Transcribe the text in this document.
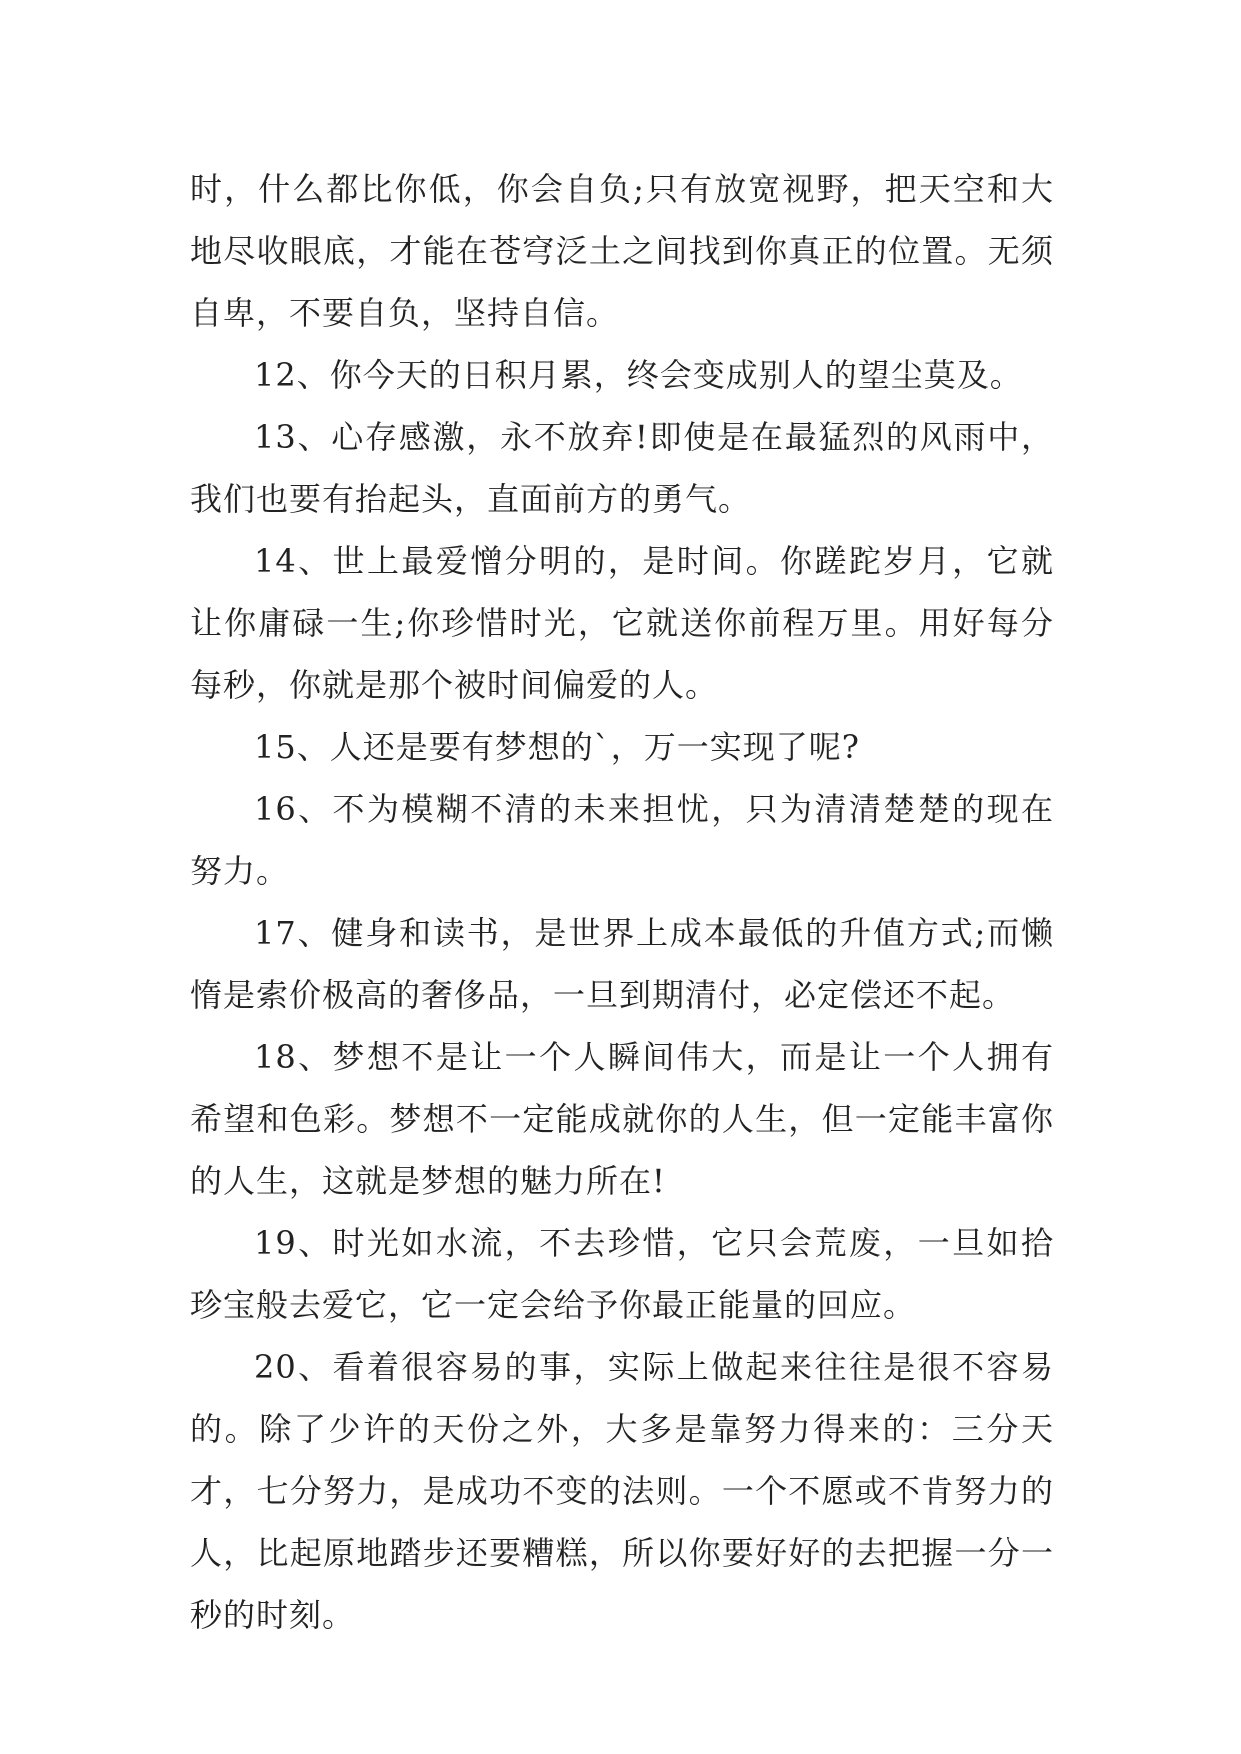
时，什么都比你低，你会自负;只有放宽视野，把天空和大地尽收眼底，才能在苍穹泛土之间找到你真正的位置。无须自卑，不要自负，坚持自信。

12、你今天的日积月累，终会变成别人的望尘莫及。

13、心存感激，永不放弃!即使是在最猛烈的风雨中，我们也要有抬起头，直面前方的勇气。

14、世上最爱憎分明的，是时间。你蹉跎岁月，它就让你庸碌一生;你珍惜时光，它就送你前程万里。用好每分每秒，你就是那个被时间偏爱的人。

15、人还是要有梦想的`，万一实现了呢?

16、不为模糊不清的未来担忧，只为清清楚楚的现在努力。

17、健身和读书，是世界上成本最低的升值方式;而懒惰是索价极高的奢侈品，一旦到期清付，必定偿还不起。

18、梦想不是让一个人瞬间伟大，而是让一个人拥有希望和色彩。梦想不一定能成就你的人生，但一定能丰富你的人生，这就是梦想的魅力所在!

19、时光如水流，不去珍惜，它只会荒废，一旦如拾珍宝般去爱它，它一定会给予你最正能量的回应。

20、看着很容易的事，实际上做起来往往是很不容易的。除了少许的天份之外，大多是靠努力得来的：三分天才，七分努力，是成功不变的法则。一个不愿或不肯努力的人，比起原地踏步还要糟糕，所以你要好好的去把握一分一秒的时刻。
